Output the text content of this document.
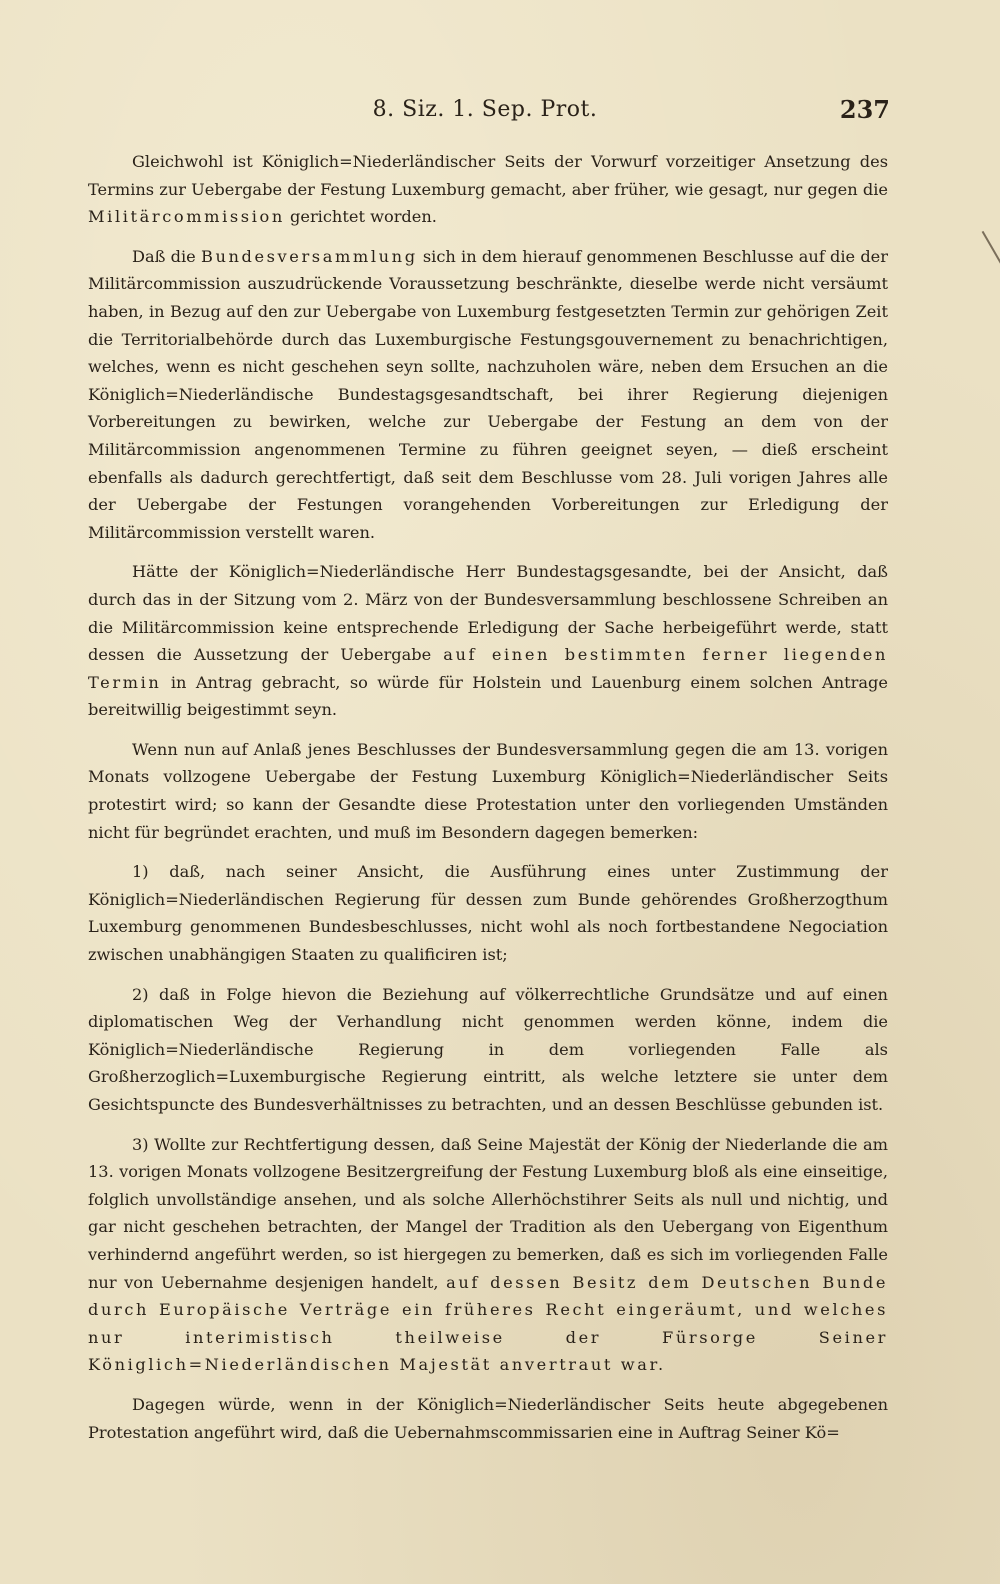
8. Siz. 1. Sep. Prot.	237

Gleichwohl ist Königlich=Niederländischer Seits der Vorwurf vorzeitiger Ansetzung des Termins zur Uebergabe der Festung Luxemburg gemacht, aber früher, wie gesagt, nur gegen die Militärcommission gerichtet worden.

Daß die Bundesversammlung sich in dem hierauf genommenen Beschlusse auf die der Militärcommission auszudrückende Voraussetzung beschränkte, dieselbe werde nicht versäumt haben, in Bezug auf den zur Uebergabe von Luxemburg festgesetzten Termin zur gehörigen Zeit die Territorialbehörde durch das Luxemburgische Festungsgouvernement zu benachrichtigen, welches, wenn es nicht geschehen seyn sollte, nachzuholen wäre, neben dem Ersuchen an die Königlich=Niederländische Bundestagsgesandtschaft, bei ihrer Regierung diejenigen Vorbereitungen zu bewirken, welche zur Uebergabe der Festung an dem von der Militärcommission angenommenen Termine zu führen geeignet seyen, — dieß erscheint ebenfalls als dadurch gerechtfertigt, daß seit dem Beschlusse vom 28. Juli vorigen Jahres alle der Uebergabe der Festungen vorangehenden Vorbereitungen zur Erledigung der Militärcommission verstellt waren.

Hätte der Königlich=Niederländische Herr Bundestagsgesandte, bei der Ansicht, daß durch das in der Sitzung vom 2. März von der Bundesversammlung beschlossene Schreiben an die Militärcommission keine entsprechende Erledigung der Sache herbeigeführt werde, statt dessen die Aussetzung der Uebergabe auf einen bestimmten ferner liegenden Termin in Antrag gebracht, so würde für Holstein und Lauenburg einem solchen Antrage bereitwillig beigestimmt seyn.

Wenn nun auf Anlaß jenes Beschlusses der Bundesversammlung gegen die am 13. vorigen Monats vollzogene Uebergabe der Festung Luxemburg Königlich=Niederländischer Seits protestirt wird; so kann der Gesandte diese Protestation unter den vorliegenden Umständen nicht für begründet erachten, und muß im Besondern dagegen bemerken:

1) daß, nach seiner Ansicht, die Ausführung eines unter Zustimmung der Königlich=Niederländischen Regierung für dessen zum Bunde gehörendes Großherzogthum Luxemburg genommenen Bundesbeschlusses, nicht wohl als noch fortbestandene Negociation zwischen unabhängigen Staaten zu qualificiren ist;

2) daß in Folge hievon die Beziehung auf völkerrechtliche Grundsätze und auf einen diplomatischen Weg der Verhandlung nicht genommen werden könne, indem die Königlich=Niederländische Regierung in dem vorliegenden Falle als Großherzoglich=Luxemburgische Regierung eintritt, als welche letztere sie unter dem Gesichtspuncte des Bundesverhältnisses zu betrachten, und an dessen Beschlüsse gebunden ist.

3) Wollte zur Rechtfertigung dessen, daß Seine Majestät der König der Niederlande die am 13. vorigen Monats vollzogene Besitzergreifung der Festung Luxemburg bloß als eine einseitige, folglich unvollständige ansehen, und als solche Allerhöchstihrer Seits als null und nichtig, und gar nicht geschehen betrachten, der Mangel der Tradition als den Uebergang von Eigenthum verhindernd angeführt werden, so ist hiergegen zu bemerken, daß es sich im vorliegenden Falle nur von Uebernahme desjenigen handelt, auf dessen Besitz dem Deutschen Bunde durch Europäische Verträge ein früheres Recht eingeräumt, und welches nur interimistisch theilweise der Fürsorge Seiner Königlich=Niederländischen Majestät anvertraut war.

Dagegen würde, wenn in der Königlich=Niederländischer Seits heute abgegebenen Protestation angeführt wird, daß die Uebernahmscommissarien eine in Auftrag Seiner Kö=
